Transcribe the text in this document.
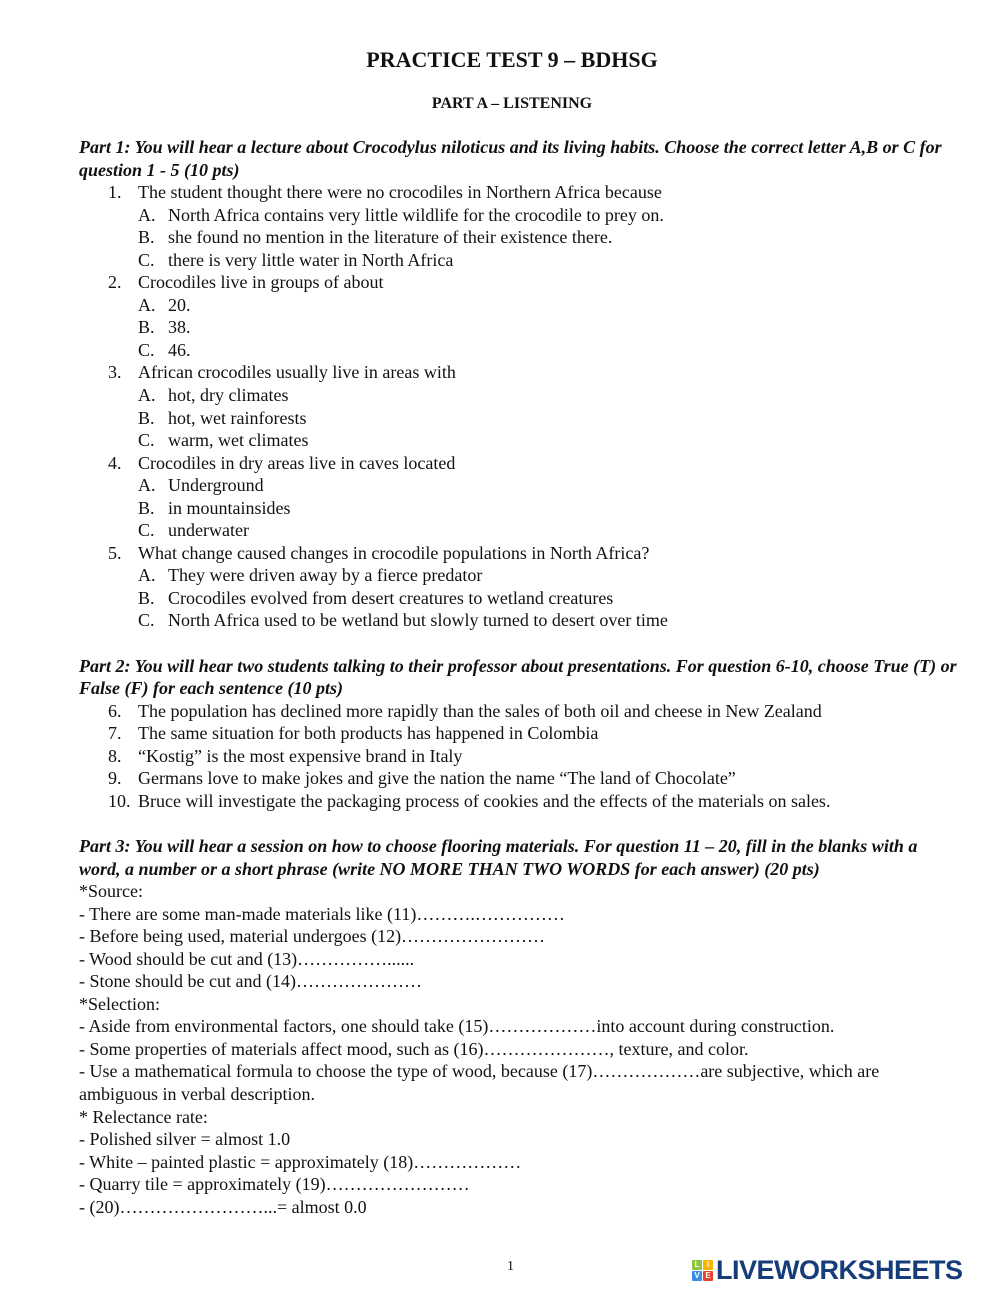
PRACTICE TEST 9 – BDHSG
PART A – LISTENING
Part 1: You will hear a lecture about Crocodylus niloticus and its living habits. Choose the correct letter A,B or C for question 1 - 5 (10 pts)
1. The student thought there were no crocodiles in Northern Africa because
A. North Africa contains very little wildlife for the crocodile to prey on.
B. she found no mention in the literature of their existence there.
C. there is very little water in North Africa
2. Crocodiles live in groups of about
A. 20.
B. 38.
C. 46.
3. African crocodiles usually live in areas with
A. hot, dry climates
B. hot, wet rainforests
C. warm, wet climates
4. Crocodiles in dry areas live in caves located
A. Underground
B. in mountainsides
C. underwater
5. What change caused changes in crocodile populations in North Africa?
A. They were driven away by a fierce predator
B. Crocodiles evolved from desert creatures to wetland creatures
C. North Africa used to be wetland but slowly turned to desert over time
Part 2: You will hear two students talking to their professor about presentations. For question 6-10, choose True (T) or False (F) for each sentence (10 pts)
6. The population has declined more rapidly than the sales of both oil and cheese in New Zealand
7. The same situation for both products has happened in Colombia
8. “Kostig” is the most expensive brand in Italy
9. Germans love to make jokes and give the nation the name “The land of Chocolate”
10. Bruce will investigate the packaging process of cookies and the effects of the materials on sales.
Part 3: You will hear a session on how to choose flooring materials. For question 11 – 20, fill in the blanks with a word, a number or a short phrase (write NO MORE THAN TWO WORDS for each answer) (20 pts)
*Source:
- There are some man-made materials like (11)……….……………
- Before being used, material undergoes (12)……………………
- Wood should be cut and (13)……………......
- Stone should be cut and (14)…………………
*Selection:
- Aside from environmental factors, one should take (15)………………into account during construction.
- Some properties of materials affect mood, such as (16)…………………, texture, and color.
- Use a mathematical formula to choose the type of wood, because (17)………………are subjective, which are ambiguous in verbal description.
* Relectance rate:
- Polished silver = almost 1.0
- White – painted plastic = approximately (18)………………
- Quarry tile = approximately (19)……………………
- (20)……………………...= almost 0.0
1	L I
V E LIVEWORKSHEETS
